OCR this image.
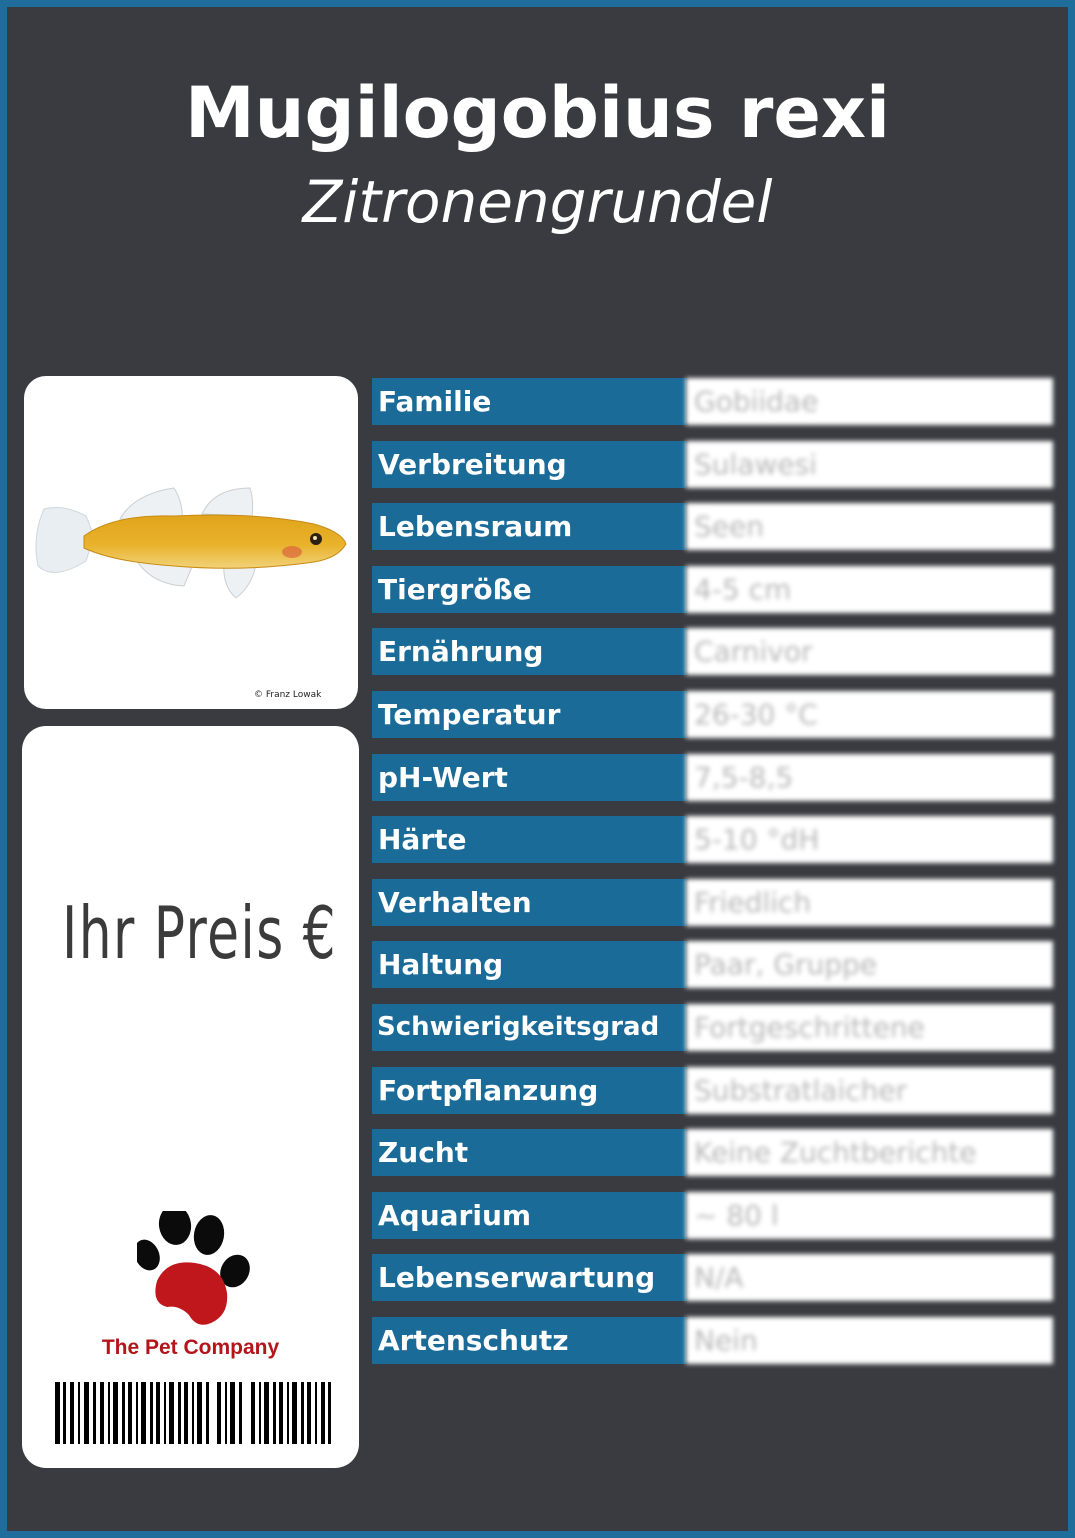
Mugilogobius rexi
Zitronengrundel
© Franz Lowak
Ihr Preis €
The Pet Company
Familie	Gobiidae
Verbreitung	Sulawesi
Lebensraum	Seen
Tiergröße	4-5 cm
Ernährung	Carnivor
Temperatur	26-30 °C
pH-Wert	7,5-8,5
Härte	5-10 °dH
Verhalten	Friedlich
Haltung	Paar, Gruppe
Schwierigkeitsgrad	Fortgeschrittene
Fortpflanzung	Substratlaicher
Zucht	Keine Zuchtberichte
Aquarium	~ 80 l
Lebenserwartung	N/A
Artenschutz	Nein
